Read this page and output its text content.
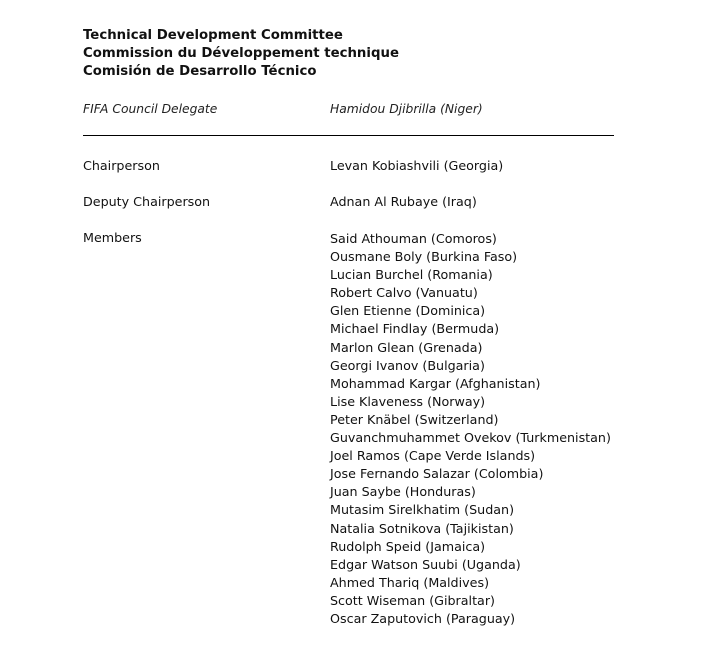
Technical Development Committee
Commission du Développement technique
Comisión de Desarrollo Técnico
FIFA Council Delegate	Hamidou Djibrilla (Niger)
Chairperson	Levan Kobiashvili (Georgia)
Deputy Chairperson	Adnan Al Rubaye (Iraq)
Members	Said Athouman (Comoros)
Ousmane Boly (Burkina Faso)
Lucian Burchel (Romania)
Robert Calvo (Vanuatu)
Glen Etienne (Dominica)
Michael Findlay (Bermuda)
Marlon Glean (Grenada)
Georgi Ivanov (Bulgaria)
Mohammad Kargar (Afghanistan)
Lise Klaveness (Norway)
Peter Knäbel (Switzerland)
Guvanchmuhammet Ovekov (Turkmenistan)
Joel Ramos (Cape Verde Islands)
Jose Fernando Salazar (Colombia)
Juan Saybe (Honduras)
Mutasim Sirelkhatim (Sudan)
Natalia Sotnikova (Tajikistan)
Rudolph Speid (Jamaica)
Edgar Watson Suubi (Uganda)
Ahmed Thariq (Maldives)
Scott Wiseman (Gibraltar)
Oscar Zaputovich (Paraguay)
